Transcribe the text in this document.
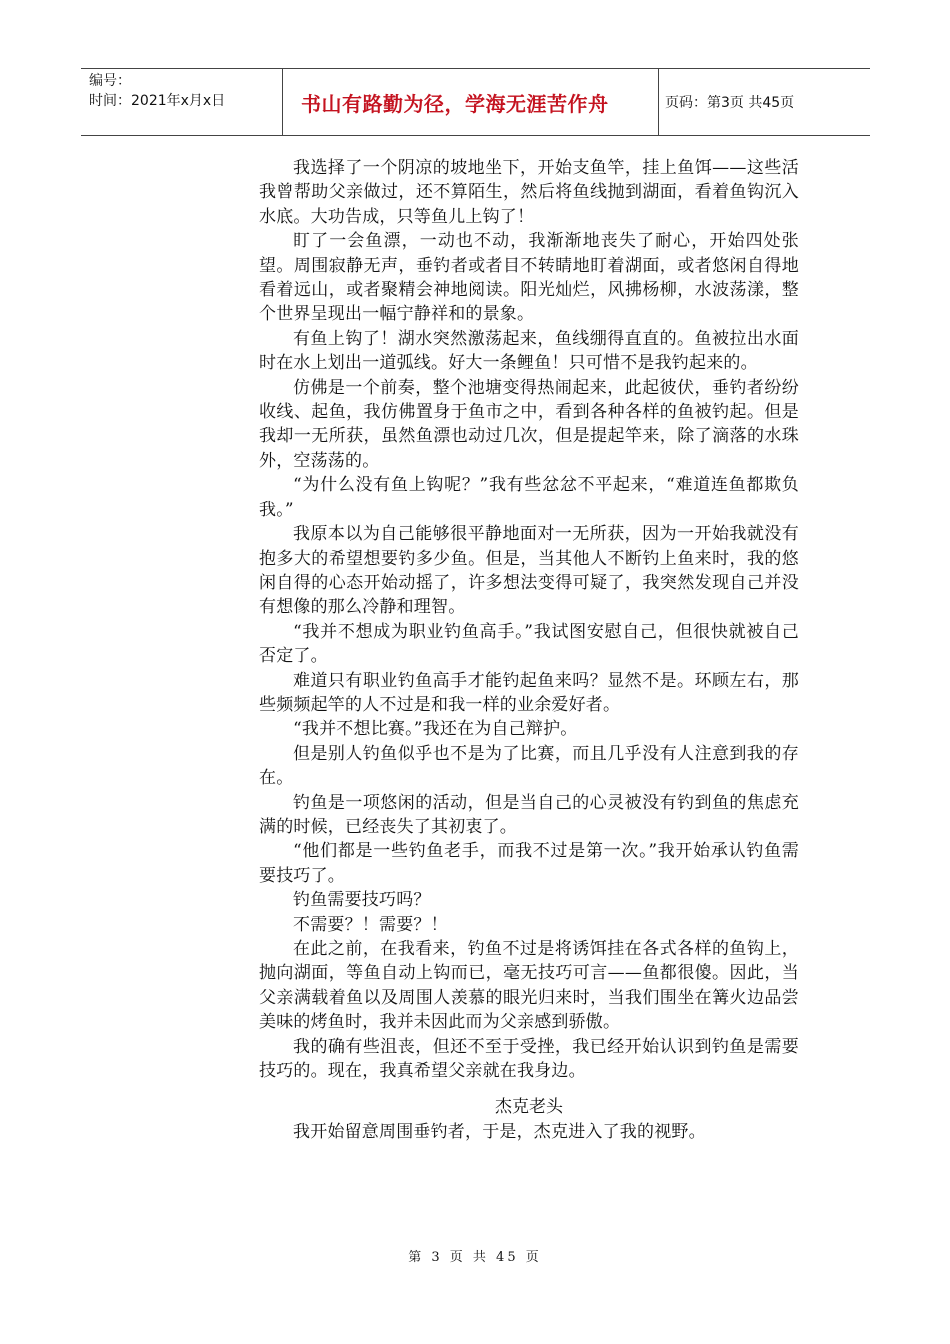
编号：
时间：2021年x月x日	书山有路勤为径，学海无涯苦作舟	页码：第3页 共45页

我选择了一个阴凉的坡地坐下，开始支鱼竿，挂上鱼饵——这些活我曾帮助父亲做过，还不算陌生，然后将鱼线抛到湖面，看着鱼钩沉入水底。大功告成，只等鱼儿上钩了！

盯了一会鱼漂，一动也不动，我渐渐地丧失了耐心，开始四处张望。周围寂静无声，垂钓者或者目不转睛地盯着湖面，或者悠闲自得地看着远山，或者聚精会神地阅读。阳光灿烂，风拂杨柳，水波荡漾，整个世界呈现出一幅宁静祥和的景象。

有鱼上钩了！湖水突然激荡起来，鱼线绷得直直的。鱼被拉出水面时在水上划出一道弧线。好大一条鲤鱼！只可惜不是我钓起来的。

仿佛是一个前奏，整个池塘变得热闹起来，此起彼伏，垂钓者纷纷收线、起鱼，我仿佛置身于鱼市之中，看到各种各样的鱼被钓起。但是我却一无所获，虽然鱼漂也动过几次，但是提起竿来，除了滴落的水珠外，空荡荡的。

“为什么没有鱼上钩呢？”我有些忿忿不平起来，“难道连鱼都欺负我。”

我原本以为自己能够很平静地面对一无所获，因为一开始我就没有抱多大的希望想要钓多少鱼。但是，当其他人不断钓上鱼来时，我的悠闲自得的心态开始动摇了，许多想法变得可疑了，我突然发现自己并没有想像的那么冷静和理智。

“我并不想成为职业钓鱼高手。”我试图安慰自己，但很快就被自己否定了。

难道只有职业钓鱼高手才能钓起鱼来吗？显然不是。环顾左右，那些频频起竿的人不过是和我一样的业余爱好者。

“我并不想比赛。”我还在为自己辩护。

但是别人钓鱼似乎也不是为了比赛，而且几乎没有人注意到我的存在。

钓鱼是一项悠闲的活动，但是当自己的心灵被没有钓到鱼的焦虑充满的时候，已经丧失了其初衷了。

“他们都是一些钓鱼老手，而我不过是第一次。”我开始承认钓鱼需要技巧了。

钓鱼需要技巧吗？

不需要？！需要？！

在此之前，在我看来，钓鱼不过是将诱饵挂在各式各样的鱼钩上，抛向湖面，等鱼自动上钩而已，毫无技巧可言——鱼都很傻。因此，当父亲满载着鱼以及周围人羡慕的眼光归来时，当我们围坐在篝火边品尝美味的烤鱼时，我并未因此而为父亲感到骄傲。

我的确有些沮丧，但还不至于受挫，我已经开始认识到钓鱼是需要技巧的。现在，我真希望父亲就在我身边。

杰克老头

我开始留意周围垂钓者，于是，杰克进入了我的视野。

第 3 页 共 45 页
